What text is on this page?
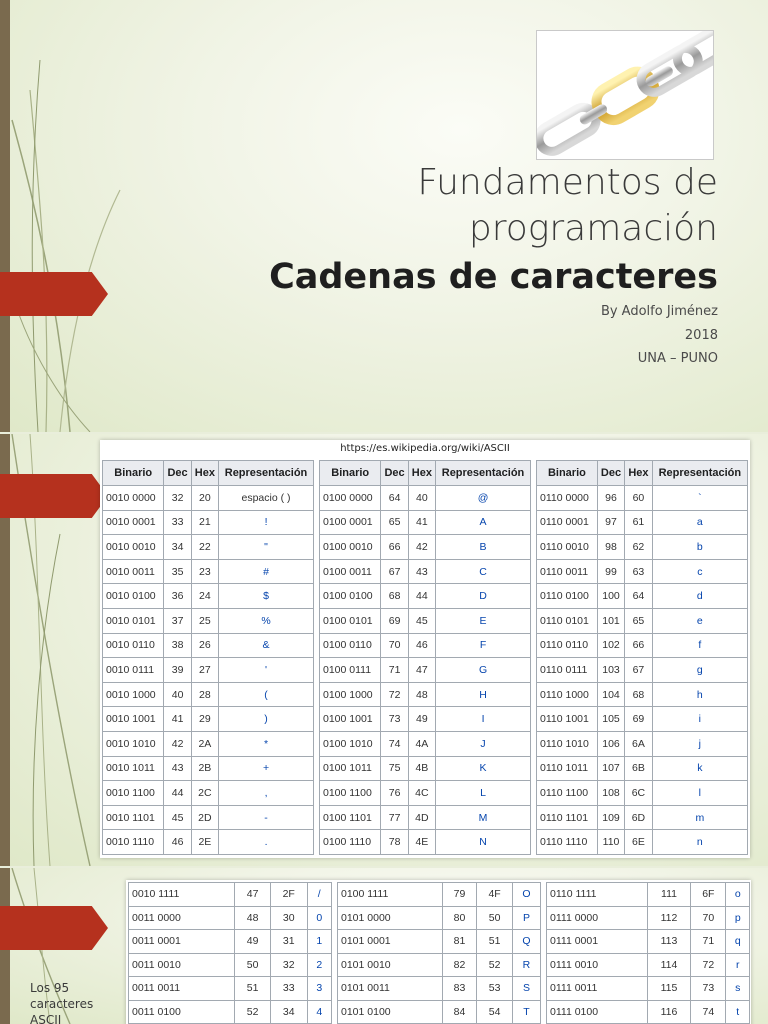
Fundamentos de
programación
Cadenas de caracteres
By Adolfo Jiménez
2018
UNA – PUNO
https://es.wikipedia.org/wiki/ASCII
Binario	Dec	Hex	Representación
0010 0000	32	20	espacio ( )
0010 0001	33	21	!
0010 0010	34	22	"
0010 0011	35	23	#
0010 0100	36	24	$
0010 0101	37	25	%
0010 0110	38	26	&
0010 0111	39	27	'
0010 1000	40	28	(
0010 1001	41	29	)
0010 1010	42	2A	*
0010 1011	43	2B	+
0010 1100	44	2C	,
0010 1101	45	2D	-
0010 1110	46	2E	.
Binario	Dec	Hex	Representación
0100 0000	64	40	@
0100 0001	65	41	A
0100 0010	66	42	B
0100 0011	67	43	C
0100 0100	68	44	D
0100 0101	69	45	E
0100 0110	70	46	F
0100 0111	71	47	G
0100 1000	72	48	H
0100 1001	73	49	I
0100 1010	74	4A	J
0100 1011	75	4B	K
0100 1100	76	4C	L
0100 1101	77	4D	M
0100 1110	78	4E	N
Binario	Dec	Hex	Representación
0110 0000	96	60	`
0110 0001	97	61	a
0110 0010	98	62	b
0110 0011	99	63	c
0110 0100	100	64	d
0110 0101	101	65	e
0110 0110	102	66	f
0110 0111	103	67	g
0110 1000	104	68	h
0110 1001	105	69	i
0110 1010	106	6A	j
0110 1011	107	6B	k
0110 1100	108	6C	l
0110 1101	109	6D	m
0110 1110	110	6E	n
Los 95 caracteres ASCII
0010 1111	47	2F	/
0011 0000	48	30	0
0011 0001	49	31	1
0011 0010	50	32	2
0011 0011	51	33	3
0011 0100	52	34	4
0100 1111	79	4F	O
0101 0000	80	50	P
0101 0001	81	51	Q
0101 0010	82	52	R
0101 0011	83	53	S
0101 0100	84	54	T
0110 1111	111	6F	o
0111 0000	112	70	p
0111 0001	113	71	q
0111 0010	114	72	r
0111 0011	115	73	s
0111 0100	116	74	t
